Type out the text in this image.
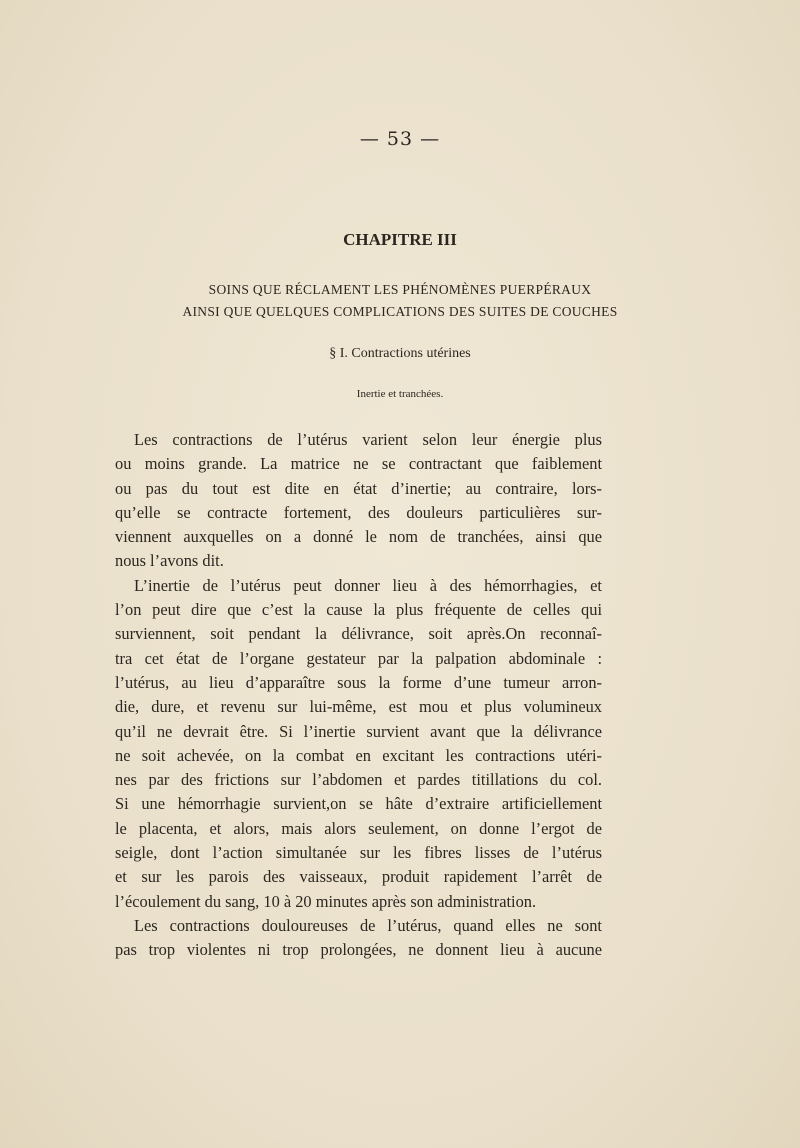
— 53 —
CHAPITRE III
SOINS QUE RÉCLAMENT LES PHÉNOMÈNES PUERPÉRAUX
AINSI QUE QUELQUES COMPLICATIONS DES SUITES DE COUCHES
§ I. Contractions utérines
Inertie et tranchées.

Les contractions de l’utérus varient selon leur énergie plus
ou moins grande. La matrice ne se contractant que faiblement
ou pas du tout est dite en état d’inertie; au contraire, lors-
qu’elle se contracte fortement, des douleurs particulières sur-
viennent auxquelles on a donné le nom de tranchées, ainsi que
nous l’avons dit.

L’inertie de l’utérus peut donner lieu à des hémorrhagies, et
l’on peut dire que c’est la cause la plus fréquente de celles qui
surviennent, soit pendant la délivrance, soit après.On reconnaî-
tra cet état de l’organe gestateur par la palpation abdominale :
l’utérus, au lieu d’apparaître sous la forme d’une tumeur arron-
die, dure, et revenu sur lui-même, est mou et plus volumineux
qu’il ne devrait être. Si l’inertie survient avant que la délivrance
ne soit achevée, on la combat en excitant les contractions utéri-
nes par des frictions sur l’abdomen et pardes titillations du col.
Si une hémorrhagie survient,on se hâte d’extraire artificiellement
le placenta, et alors, mais alors seulement, on donne l’ergot de
seigle, dont l’action simultanée sur les fibres lisses de l’utérus
et sur les parois des vaisseaux, produit rapidement l’arrêt de
l’écoulement du sang, 10 à 20 minutes après son administration.

Les contractions douloureuses de l’utérus, quand elles ne sont
pas trop violentes ni trop prolongées, ne donnent lieu à aucune
